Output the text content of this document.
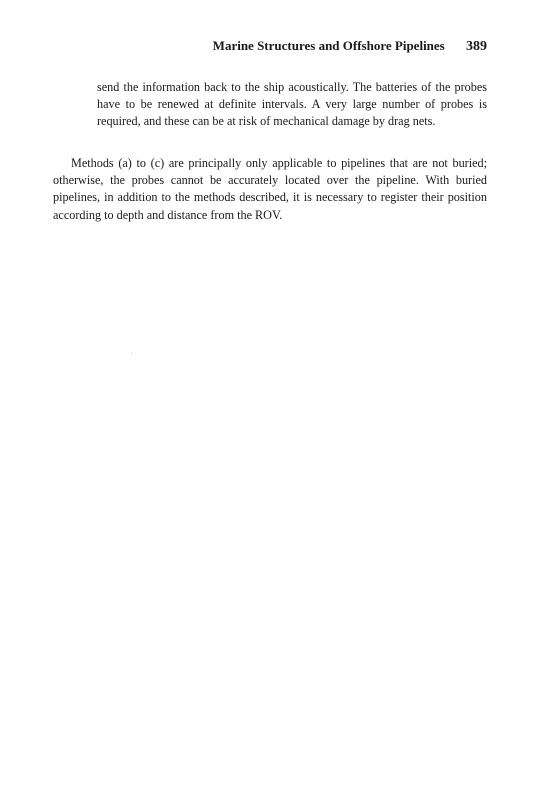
Marine Structures and Offshore Pipelines 389

send the information back to the ship acoustically. The batteries of the probes have to be renewed at definite intervals. A very large number of probes is required, and these can be at risk of mechanical damage by drag nets.

Methods (a) to (c) are principally only applicable to pipelines that are not buried; otherwise, the probes cannot be accurately located over the pipeline. With buried pipelines, in addition to the methods described, it is necessary to register their position according to depth and distance from the ROV.
